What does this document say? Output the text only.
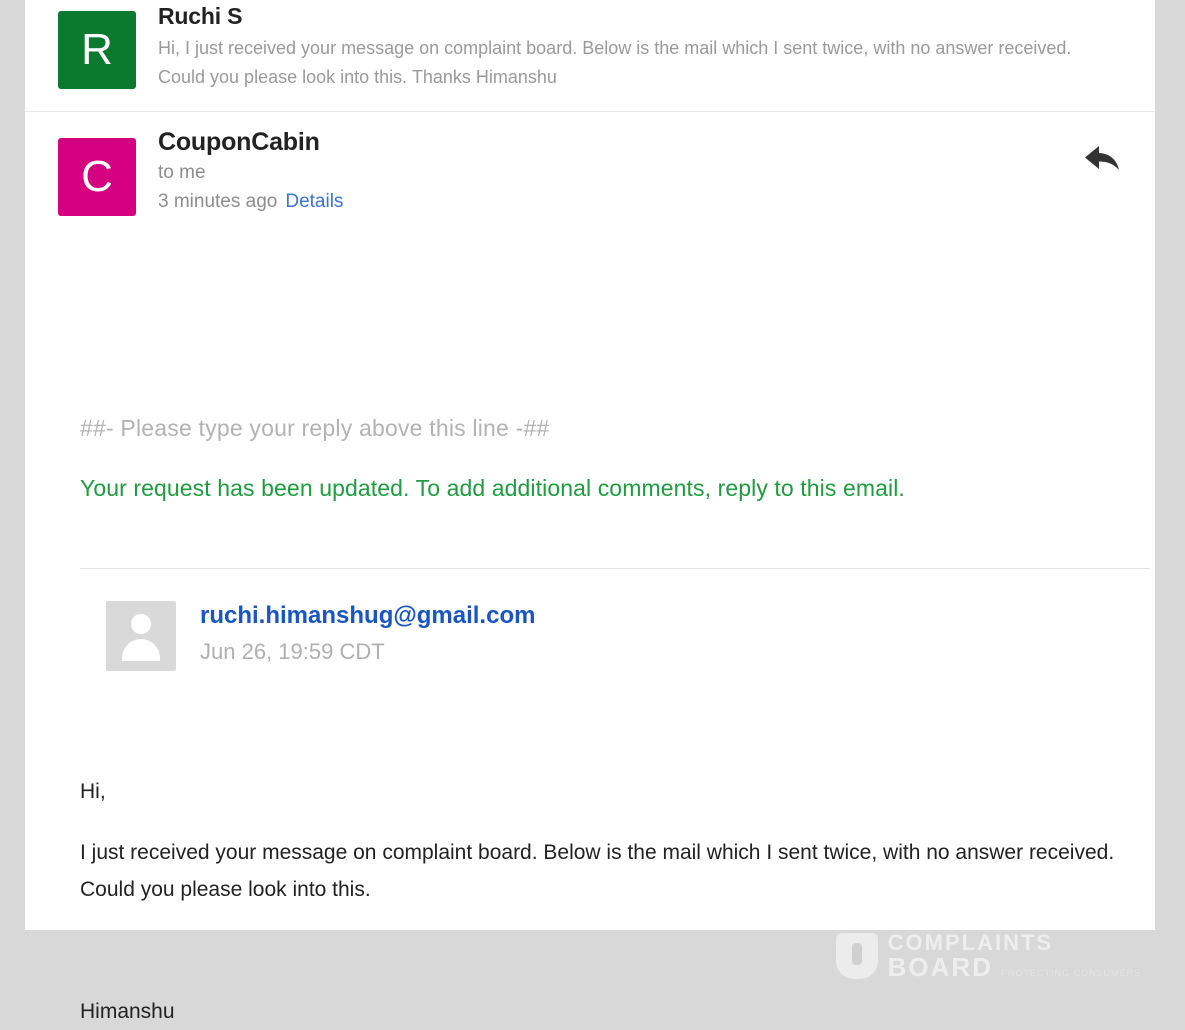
R
Ruchi S
Hi, I just received your message on complaint board. Below is the mail which I sent twice, with no answer received. Could you please look into this. Thanks Himanshu
C
CouponCabin
to me
3 minutes ago Details
##- Please type your reply above this line -##
Your request has been updated. To add additional comments, reply to this email.
ruchi.himanshug@gmail.com
Jun 26, 19:59 CDT

Hi,

I just received your message on complaint board. Below is the mail which I sent twice, with no answer received. Could you please look into this.

Himanshu

COMPLAINTS
BOARD PROTECTING CONSUMERS
